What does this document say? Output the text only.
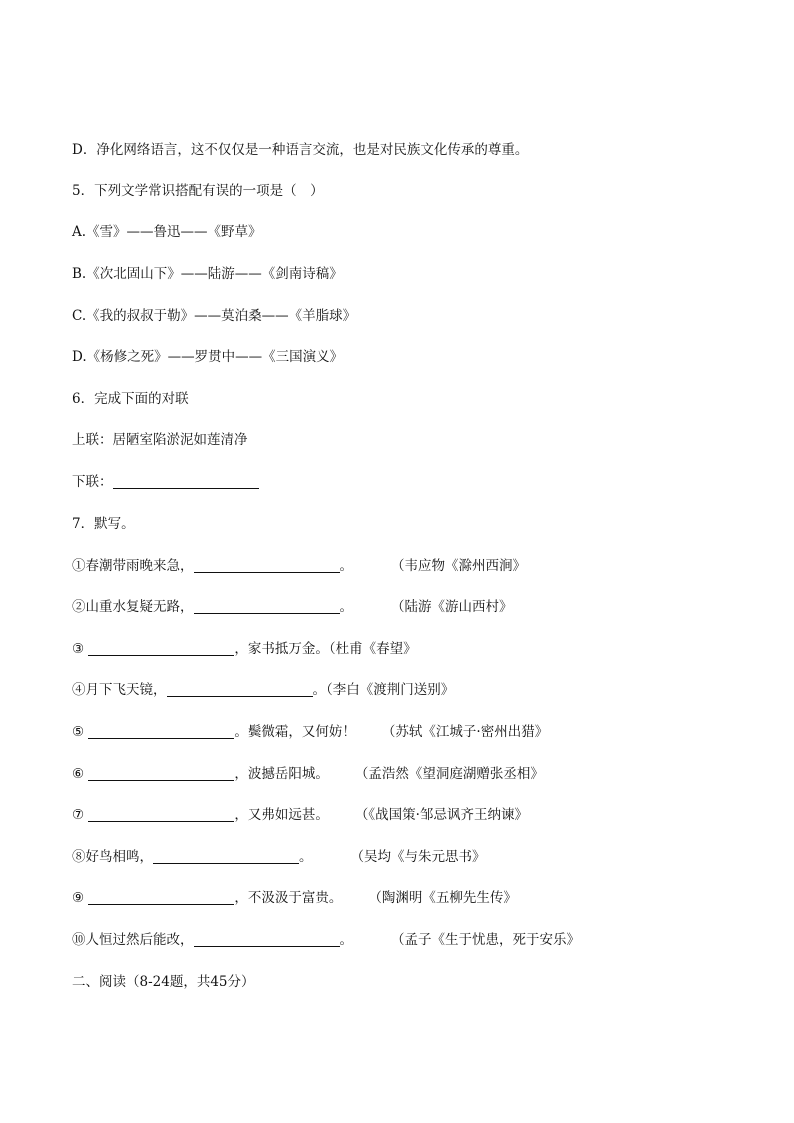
D．净化网络语言，这不仅仅是一种语言交流，也是对民族文化传承的尊重。
5．下列文学常识搭配有误的一项是（　）
A.《雪》——鲁迅——《野草》
B.《次北固山下》——陆游——《剑南诗稿》
C.《我的叔叔于勒》——莫泊桑——《羊脂球》
D.《杨修之死》——罗贯中——《三国演义》
6．完成下面的对联
上联：居陋室陷淤泥如莲清净
下联：
7．默写。
①春潮带雨晚来急，	。	（韦应物《滁州西涧》
②山重水复疑无路，	。	（陆游《游山西村》
③	，家书抵万金。（杜甫《春望》
④月下飞天镜，	。（李白《渡荆门送别》
⑤	。鬓微霜，又何妨！ （苏轼《江城子·密州出猎》
⑥	，波撼岳阳城。 （孟浩然《望洞庭湖赠张丞相》
⑦	，又弗如远甚。 （《战国策·邹忌讽齐王纳谏》
⑧好鸟相鸣，	。	（吴均《与朱元思书》
⑨	，不汲汲于富贵。 （陶渊明《五柳先生传》
⑩人恒过然后能改，	。	（孟子《生于忧患，死于安乐》
二、阅读（8-24题，共45分）
